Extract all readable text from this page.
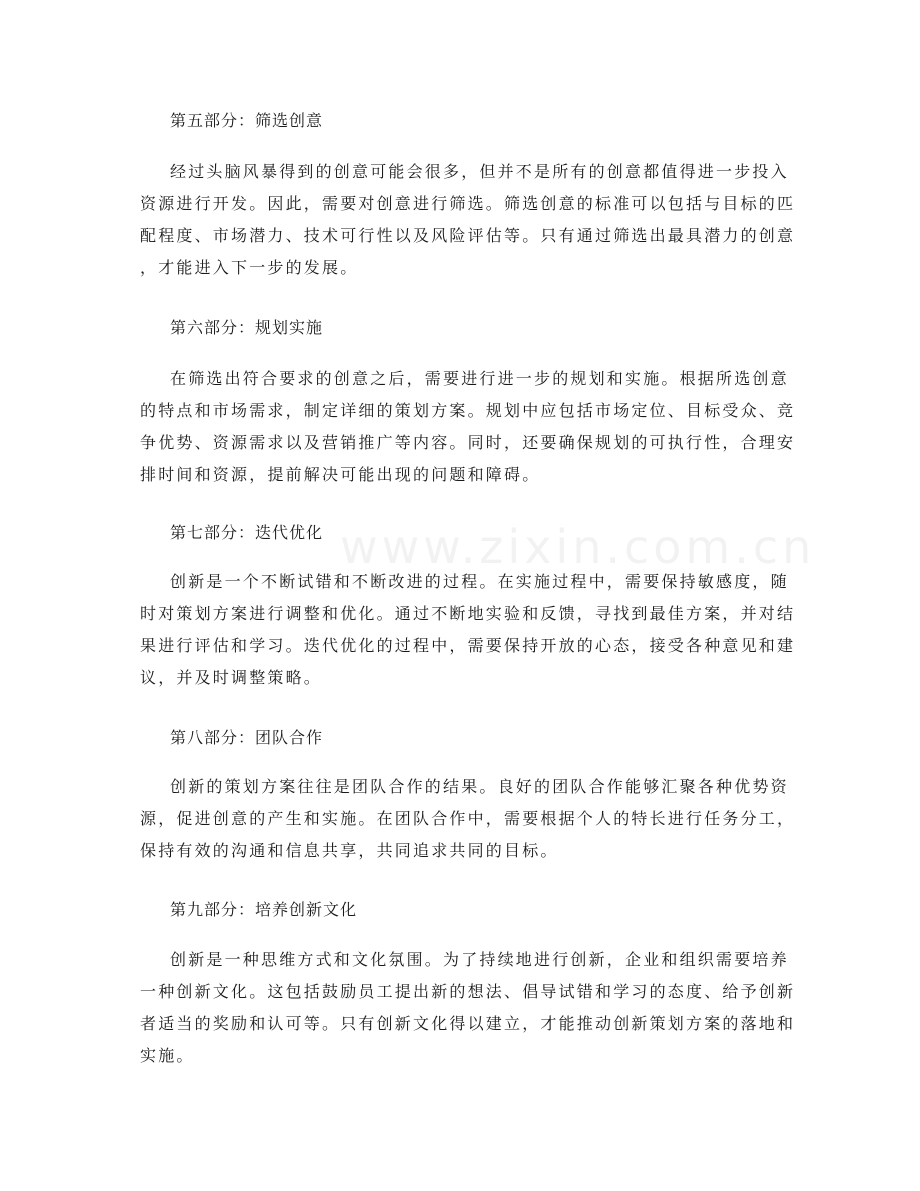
www.zixin.com.cn
第五部分：筛选创意
经过头脑风暴得到的创意可能会很多，但并不是所有的创意都值得进一步投入
资源进行开发。因此，需要对创意进行筛选。筛选创意的标准可以包括与目标的匹
配程度、市场潜力、技术可行性以及风险评估等。只有通过筛选出最具潜力的创意
，才能进入下一步的发展。
第六部分：规划实施
在筛选出符合要求的创意之后，需要进行进一步的规划和实施。根据所选创意
的特点和市场需求，制定详细的策划方案。规划中应包括市场定位、目标受众、竞
争优势、资源需求以及营销推广等内容。同时，还要确保规划的可执行性，合理安
排时间和资源，提前解决可能出现的问题和障碍。
第七部分：迭代优化
创新是一个不断试错和不断改进的过程。在实施过程中，需要保持敏感度，随
时对策划方案进行调整和优化。通过不断地实验和反馈，寻找到最佳方案，并对结
果进行评估和学习。迭代优化的过程中，需要保持开放的心态，接受各种意见和建
议，并及时调整策略。
第八部分：团队合作
创新的策划方案往往是团队合作的结果。良好的团队合作能够汇聚各种优势资
源，促进创意的产生和实施。在团队合作中，需要根据个人的特长进行任务分工，
保持有效的沟通和信息共享，共同追求共同的目标。
第九部分：培养创新文化
创新是一种思维方式和文化氛围。为了持续地进行创新，企业和组织需要培养
一种创新文化。这包括鼓励员工提出新的想法、倡导试错和学习的态度、给予创新
者适当的奖励和认可等。只有创新文化得以建立，才能推动创新策划方案的落地和
实施。
